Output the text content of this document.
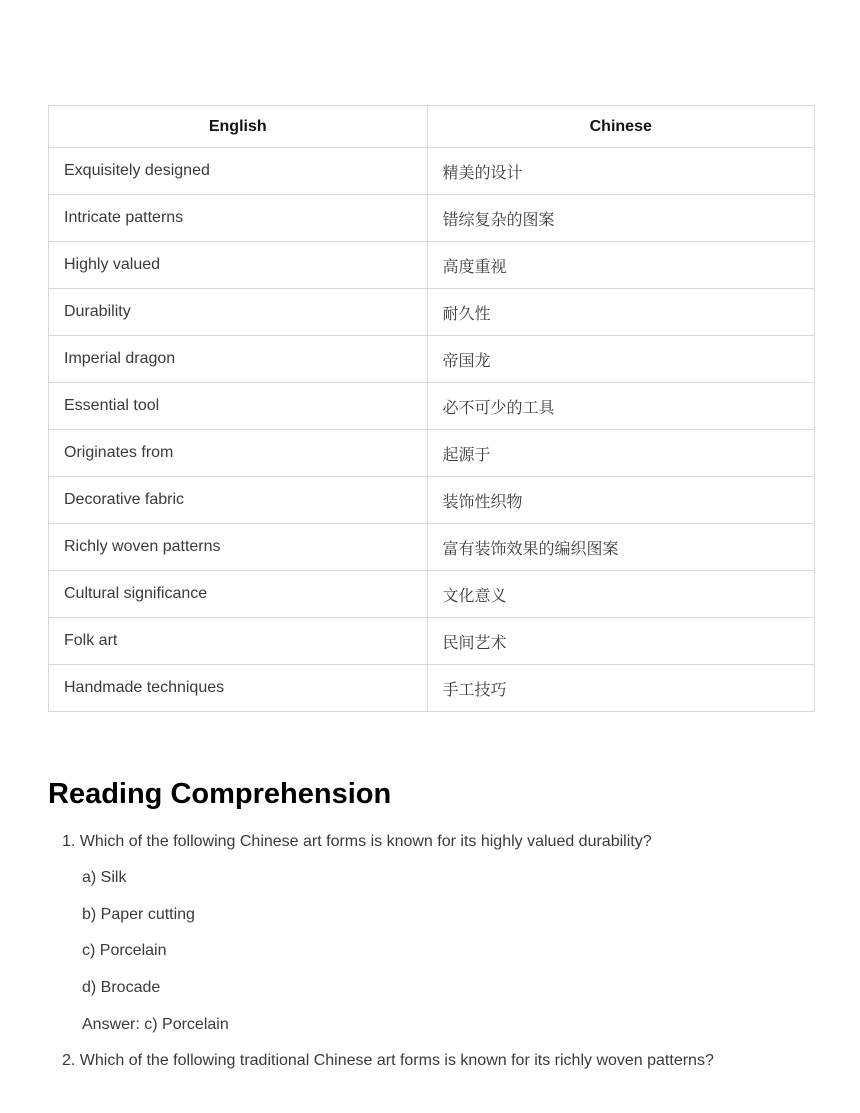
English	Chinese
Exquisitely designed	精美的设计
Intricate patterns	错综复杂的图案
Highly valued	高度重视
Durability	耐久性
Imperial dragon	帝国龙
Essential tool	必不可少的工具
Originates from	起源于
Decorative fabric	装饰性织物
Richly woven patterns	富有装饰效果的编织图案
Cultural significance	文化意义
Folk art	民间艺术
Handmade techniques	手工技巧
Reading Comprehension
1. Which of the following Chinese art forms is known for its highly valued durability?
a) Silk
b) Paper cutting
c) Porcelain
d) Brocade
Answer: c) Porcelain
2. Which of the following traditional Chinese art forms is known for its richly woven patterns?
